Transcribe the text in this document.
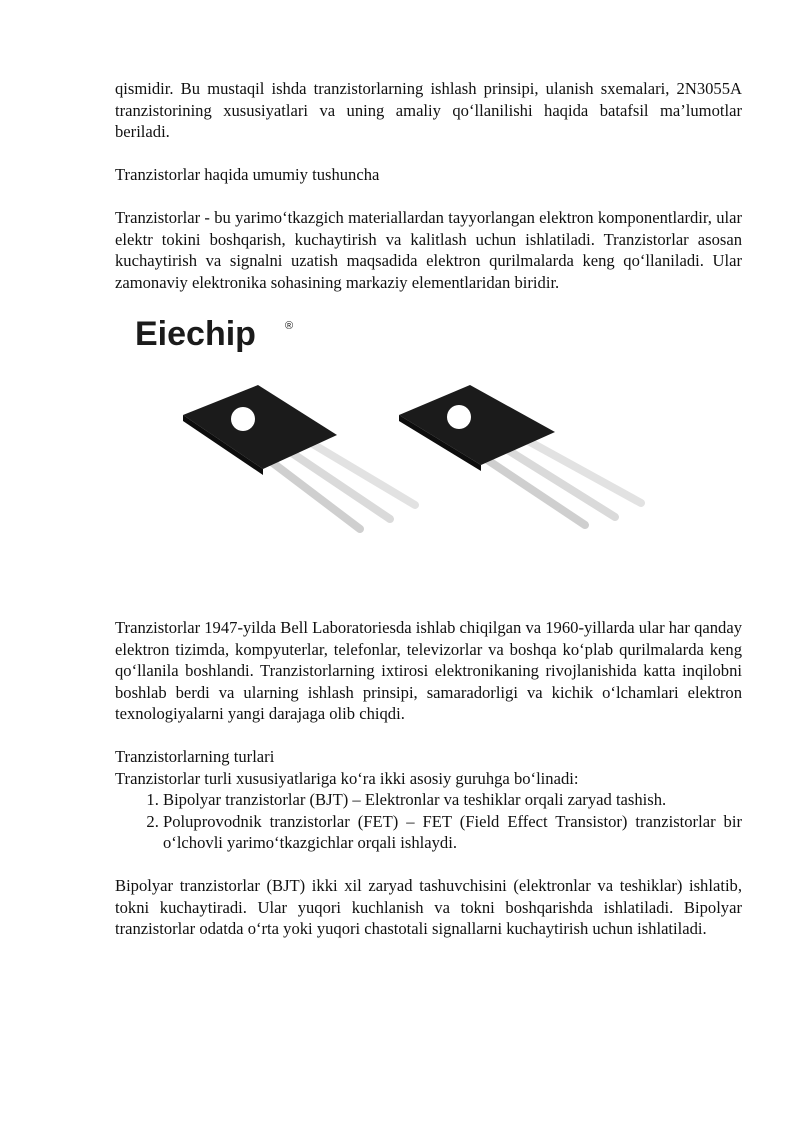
qismidir. Bu mustaqil ishda tranzistorlarning ishlash prinsipi, ulanish sxemalari, 2N3055A tranzistorining xususiyatlari va uning amaliy qo‘llanilishi haqida batafsil ma’lumotlar beriladi.

Tranzistorlar haqida umumiy tushuncha

Tranzistorlar - bu yarimo‘tkazgich materiallardan tayyorlangan elektron komponentlardir, ular elektr tokini boshqarish, kuchaytirish va kalitlash uchun ishlatiladi. Tranzistorlar asosan kuchaytirish va signalni uzatish maqsadida elektron qurilmalarda keng qo‘llaniladi. Ular zamonaviy elektronika sohasining markaziy elementlaridan biridir.

Eiechip	®

Tranzistorlar 1947-yilda Bell Laboratoriesda ishlab chiqilgan va 1960-yillarda ular har qanday elektron tizimda, kompyuterlar, telefonlar, televizorlar va boshqa ko‘plab qurilmalarda keng qo‘llanila boshlandi. Tranzistorlarning ixtirosi elektronikaning rivojlanishida katta inqilobni boshlab berdi va ularning ishlash prinsipi, samaradorligi va kichik o‘lchamlari elektron texnologiyalarni yangi darajaga olib chiqdi.

Tranzistorlarning turlari

Tranzistorlar turli xususiyatlariga ko‘ra ikki asosiy guruhga bo‘linadi:

1. Bipolyar tranzistorlar (BJT) – Elektronlar va teshiklar orqali zaryad tashish.
2. Poluprovodnik tranzistorlar (FET) – FET (Field Effect Transistor) tranzistorlar bir o‘lchovli yarimo‘tkazgichlar orqali ishlaydi.

Bipolyar tranzistorlar (BJT) ikki xil zaryad tashuvchisini (elektronlar va teshiklar) ishlatib, tokni kuchaytiradi. Ular yuqori kuchlanish va tokni boshqarishda ishlatiladi. Bipolyar tranzistorlar odatda o‘rta yoki yuqori chastotali signallarni kuchaytirish uchun ishlatiladi.
